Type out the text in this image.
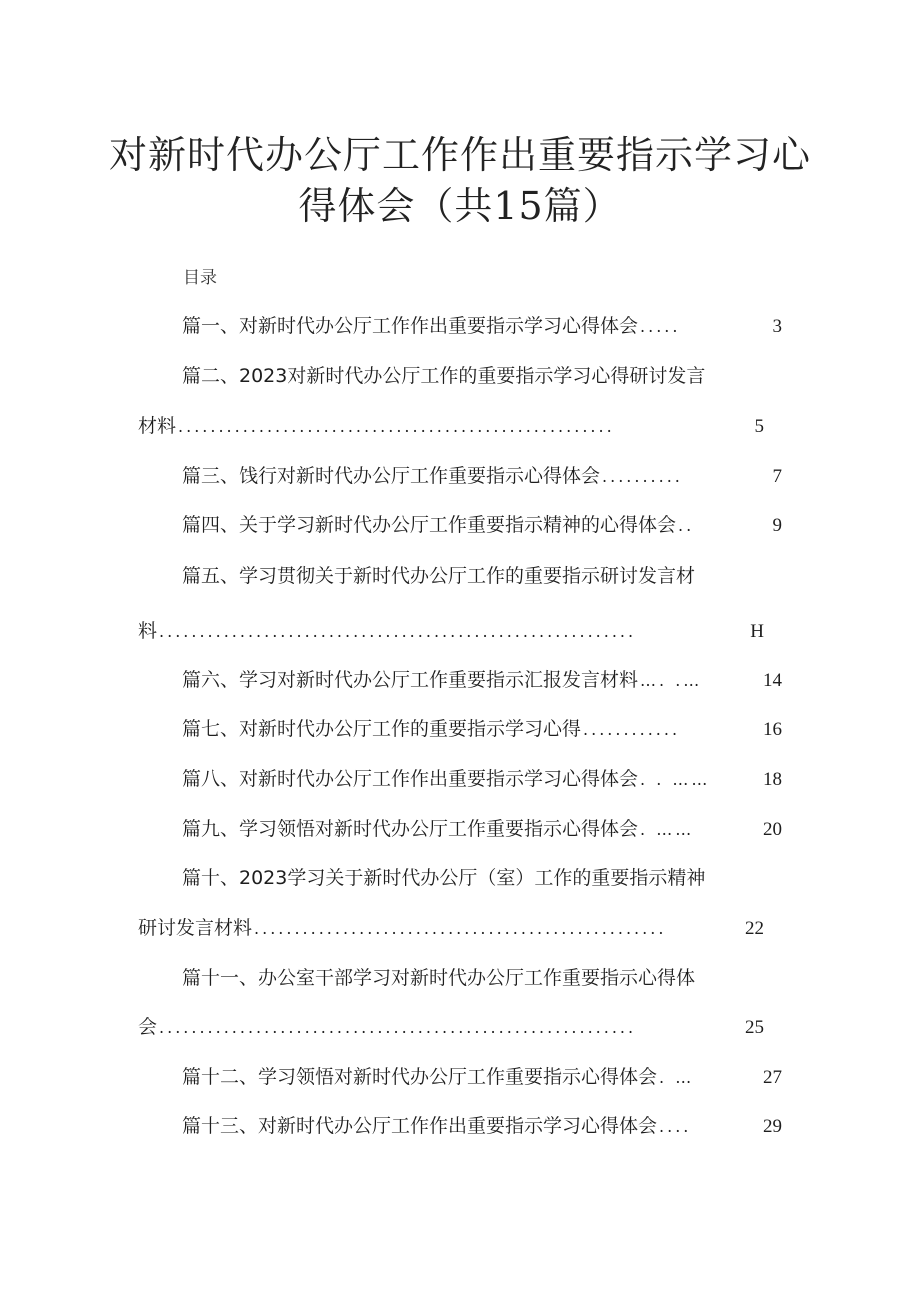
对新时代办公厅工作作出重要指示学习心
得体会（共15篇）
目录
篇一、对新时代办公厅工作作出重要指示学习心得体会 .....	3
篇二、2023对新时代办公厅工作的重要指示学习心得研讨发言
材料 ......................................................	5
篇三、饯行对新时代办公厅工作重要指示心得体会 ..........	7
篇四、关于学习新时代办公厅工作重要指示精神的心得体会 ..	9
篇五、学习贯彻关于新时代办公厅工作的重要指示研讨发言材
料 ...........................................................	H
篇六、学习对新时代办公厅工作重要指示汇报发言材料 …. .…	14
篇七、对新时代办公厅工作的重要指示学习心得 ............	16
篇八、对新时代办公厅工作作出重要指示学习心得体会 . . ……	18
篇九、学习领悟对新时代办公厅工作重要指示心得体会 . ……	20
篇十、2023学习关于新时代办公厅（室）工作的重要指示精神
研讨发言材料 ...................................................	22
篇十一、办公室干部学习对新时代办公厅工作重要指示心得体
会 ...........................................................	25
篇十二、学习领悟对新时代办公厅工作重要指示心得体会 . …	27
篇十三、对新时代办公厅工作作出重要指示学习心得体会 ....	29
